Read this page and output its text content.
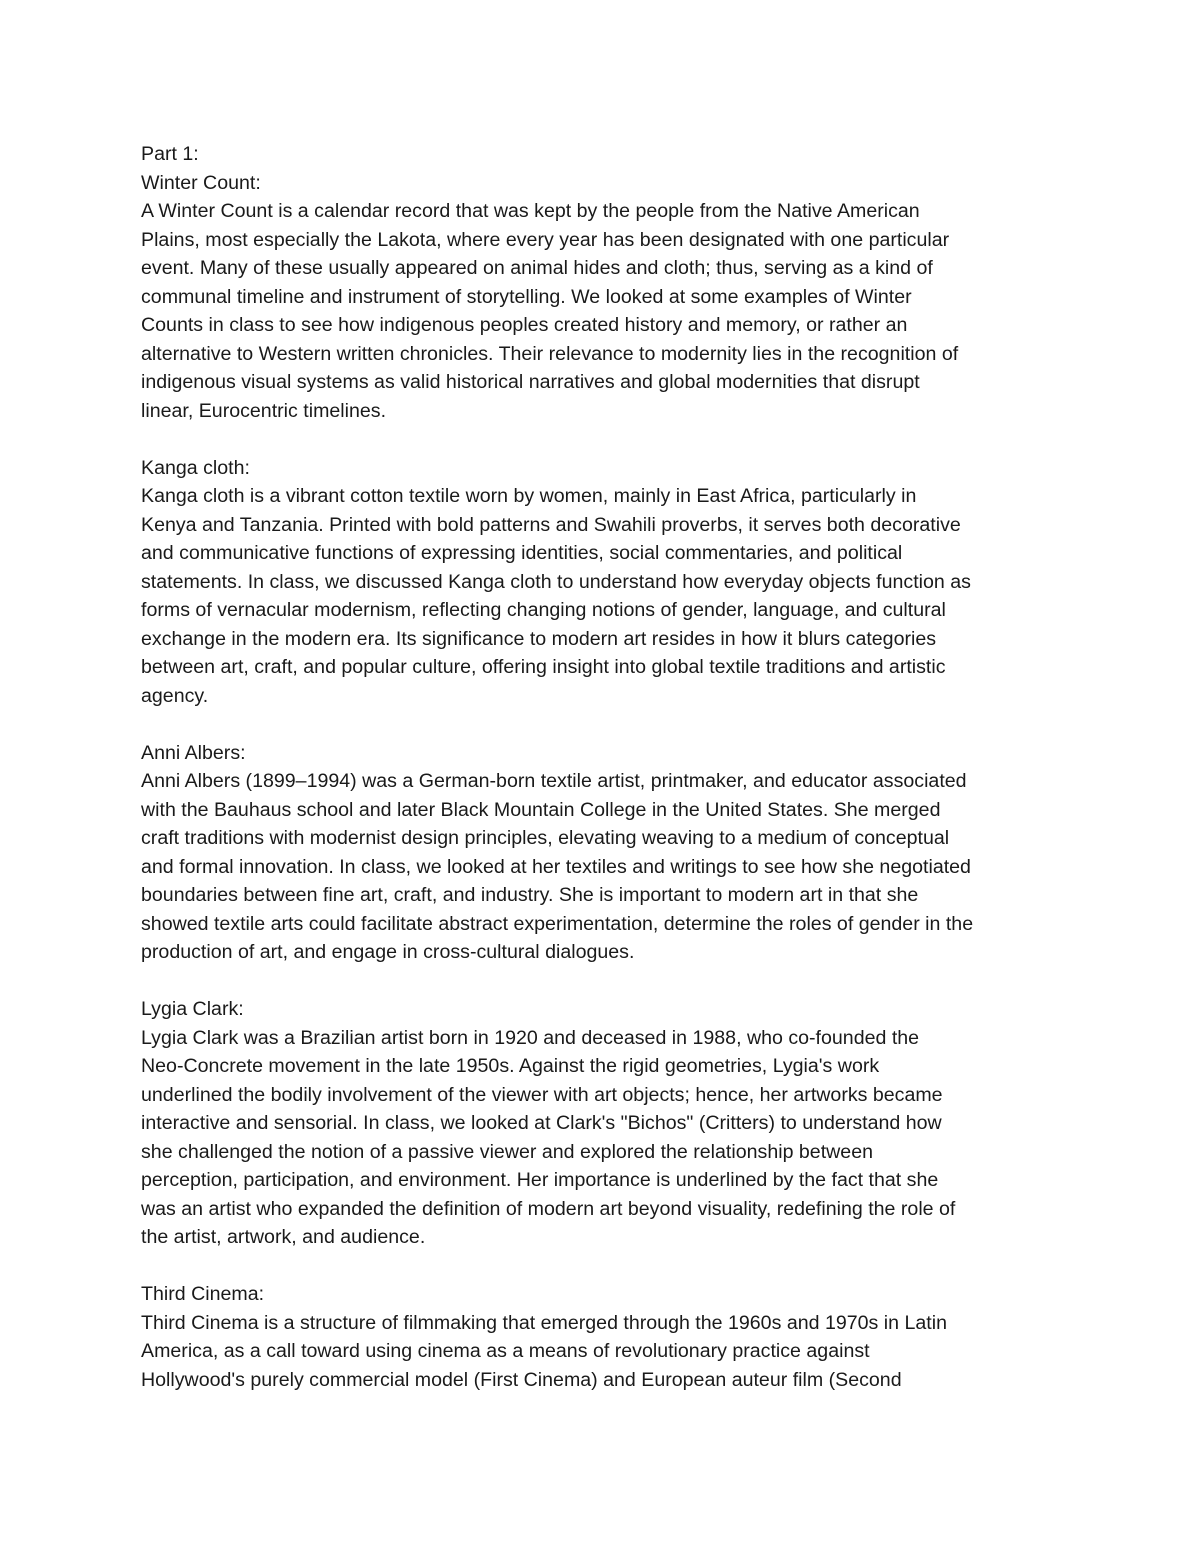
Part 1:
Winter Count:
A Winter Count is a calendar record that was kept by the people from the Native American
Plains, most especially the Lakota, where every year has been designated with one particular
event. Many of these usually appeared on animal hides and cloth; thus, serving as a kind of
communal timeline and instrument of storytelling. We looked at some examples of Winter
Counts in class to see how indigenous peoples created history and memory, or rather an
alternative to Western written chronicles. Their relevance to modernity lies in the recognition of
indigenous visual systems as valid historical narratives and global modernities that disrupt
linear, Eurocentric timelines.
Kanga cloth:
Kanga cloth is a vibrant cotton textile worn by women, mainly in East Africa, particularly in
Kenya and Tanzania. Printed with bold patterns and Swahili proverbs, it serves both decorative
and communicative functions of expressing identities, social commentaries, and political
statements. In class, we discussed Kanga cloth to understand how everyday objects function as
forms of vernacular modernism, reflecting changing notions of gender, language, and cultural
exchange in the modern era. Its significance to modern art resides in how it blurs categories
between art, craft, and popular culture, offering insight into global textile traditions and artistic
agency.
Anni Albers:
Anni Albers (1899–1994) was a German-born textile artist, printmaker, and educator associated
with the Bauhaus school and later Black Mountain College in the United States. She merged
craft traditions with modernist design principles, elevating weaving to a medium of conceptual
and formal innovation. In class, we looked at her textiles and writings to see how she negotiated
boundaries between fine art, craft, and industry. She is important to modern art in that she
showed textile arts could facilitate abstract experimentation, determine the roles of gender in the
production of art, and engage in cross-cultural dialogues.
Lygia Clark:
Lygia Clark was a Brazilian artist born in 1920 and deceased in 1988, who co-founded the
Neo-Concrete movement in the late 1950s. Against the rigid geometries, Lygia's work
underlined the bodily involvement of the viewer with art objects; hence, her artworks became
interactive and sensorial. In class, we looked at Clark's "Bichos" (Critters) to understand how
she challenged the notion of a passive viewer and explored the relationship between
perception, participation, and environment. Her importance is underlined by the fact that she
was an artist who expanded the definition of modern art beyond visuality, redefining the role of
the artist, artwork, and audience.
Third Cinema:
Third Cinema is a structure of filmmaking that emerged through the 1960s and 1970s in Latin
America, as a call toward using cinema as a means of revolutionary practice against
Hollywood's purely commercial model (First Cinema) and European auteur film (Second
